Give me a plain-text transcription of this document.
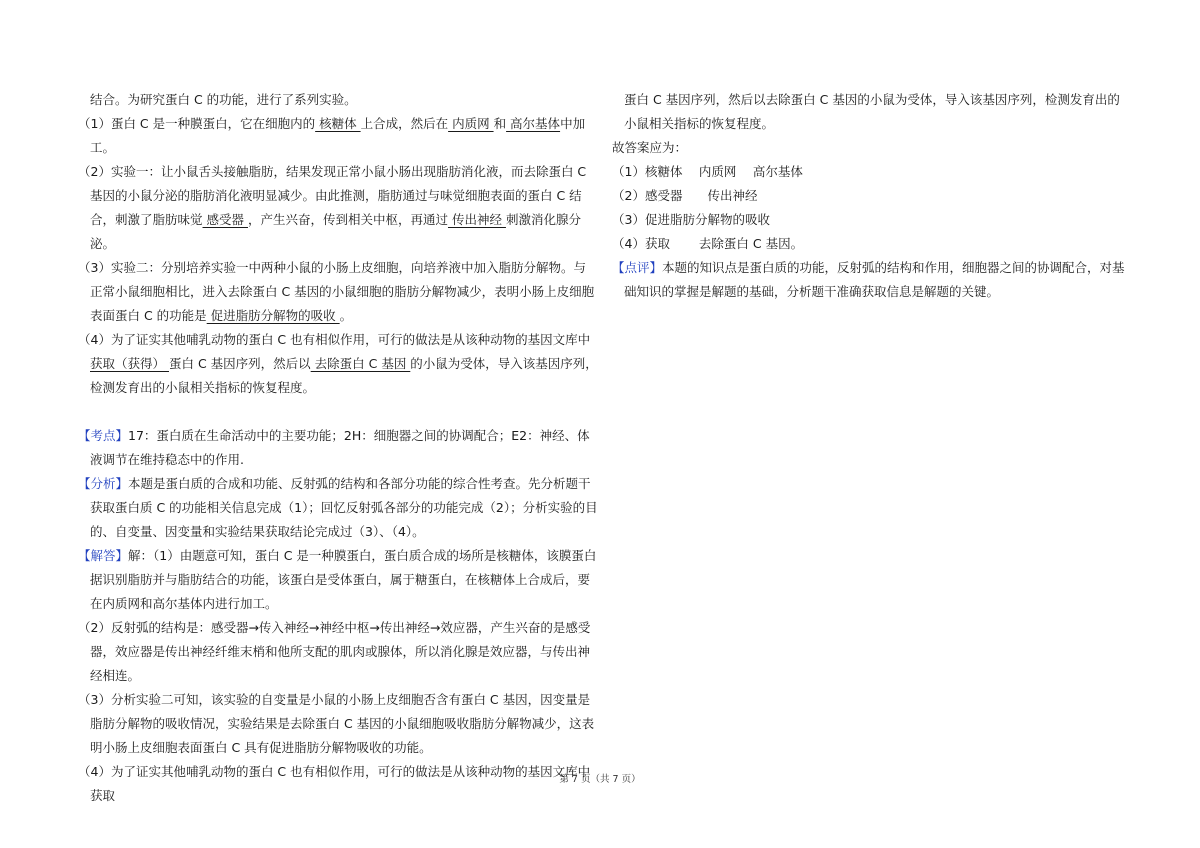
结合。为研究蛋白 C 的功能，进行了系列实验。

（1）蛋白 C 是一种膜蛋白，它在细胞内的 核糖体 上合成，然后在 内质网 和 高尔基体中加工。

（2）实验一：让小鼠舌头接触脂肪，结果发现正常小鼠小肠出现脂肪消化液，而去除蛋白 C 基因的小鼠分泌的脂肪消化液明显减少。由此推测，脂肪通过与味觉细胞表面的蛋白 C 结合，刺激了脂肪味觉 感受器 ，产生兴奋，传到相关中枢，再通过 传出神经 刺激消化腺分泌。

（3）实验二：分别培养实验一中两种小鼠的小肠上皮细胞，向培养液中加入脂肪分解物。与正常小鼠细胞相比，进入去除蛋白 C 基因的小鼠细胞的脂肪分解物减少，表明小肠上皮细胞表面蛋白 C 的功能是 促进脂肪分解物的吸收 。

（4）为了证实其他哺乳动物的蛋白 C 也有相似作用，可行的做法是从该种动物的基因文库中 获取（获得） 蛋白 C 基因序列，然后以 去除蛋白 C 基因 的小鼠为受体，导入该基因序列，检测发育出的小鼠相关指标的恢复程度。

【考点】17：蛋白质在生命活动中的主要功能；2H：细胞器之间的协调配合；E2：神经、体液调节在维持稳态中的作用.

【分析】本题是蛋白质的合成和功能、反射弧的结构和各部分功能的综合性考查。先分析题干获取蛋白质 C 的功能相关信息完成（1）；回忆反射弧各部分的功能完成（2）；分析实验的目的、自变量、因变量和实验结果获取结论完成过（3）、（4）。

【解答】解：（1）由题意可知，蛋白 C 是一种膜蛋白，蛋白质合成的场所是核糖体，该膜蛋白据识别脂肪并与脂肪结合的功能，该蛋白是受体蛋白，属于糖蛋白，在核糖体上合成后，要在内质网和高尔基体内进行加工。

（2）反射弧的结构是：感受器→传入神经→神经中枢→传出神经→效应器，产生兴奋的是感受器，效应器是传出神经纤维末梢和他所支配的肌肉或腺体，所以消化腺是效应器，与传出神经相连。

（3）分析实验二可知，该实验的自变量是小鼠的小肠上皮细胞否含有蛋白 C 基因，因变量是脂肪分解物的吸收情况，实验结果是去除蛋白 C 基因的小鼠细胞吸收脂肪分解物减少，这表明小肠上皮细胞表面蛋白 C 具有促进脂肪分解物吸收的功能。

（4）为了证实其他哺乳动物的蛋白 C 也有相似作用，可行的做法是从该种动物的基因文库中获取

蛋白 C 基因序列，然后以去除蛋白 C 基因的小鼠为受体，导入该基因序列，检测发育出的小鼠相关指标的恢复程度。

故答案应为：

（1）核糖体　 内质网　 高尔基体

（2）感受器　　传出神经

（3）促进脂肪分解物的吸收

（4）获取　　 去除蛋白 C 基因。

【点评】本题的知识点是蛋白质的功能，反射弧的结构和作用，细胞器之间的协调配合，对基础知识的掌握是解题的基础，分析题干准确获取信息是解题的关键。

第 7 页（共 7 页）
